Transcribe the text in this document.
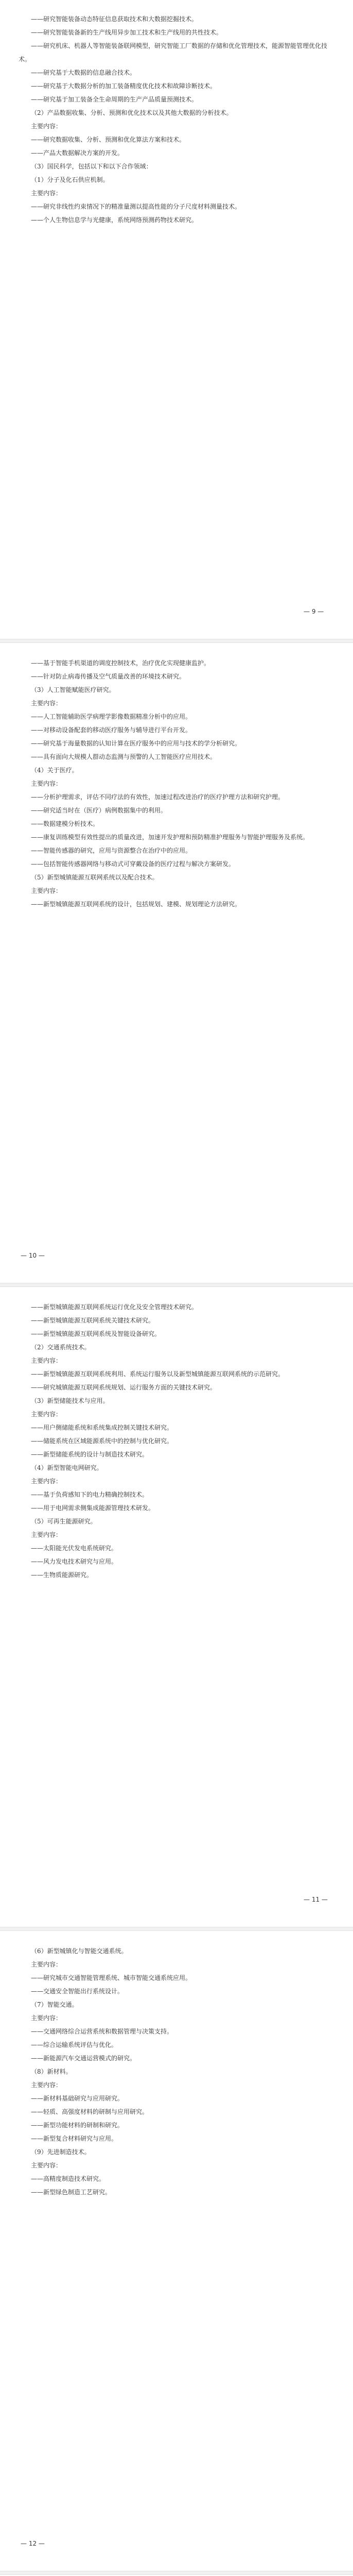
——研究智能装备动态特征信息获取技术和大数据挖掘技术。

——研究智能装备新的生产线用异步加工技术和生产线用的共性技术。

——研究机床、机器人等智能装备联网模型，研究智能工厂数据的存储和优化管理技术，能源智能管理优化技术。

——研究基于大数据的信息融合技术。

——研究基于大数据分析的加工装备精度优化技术和故障诊断技术。

——研究基于加工装备全生命周期的生产产品质量预测技术。

（2）产品数据收集、分析、预测和优化技术以及其他大数据的分析技术。

主要内容：

——研究数据收集、分析、预测和优化算法方案和技术。

——产品大数据解决方案的开发。

（3）国民科学，包括以下和以下合作领域：

（1）分子及化石供应机制。

主要内容：

——研究非线性约束情况下的精准量测以提高性能的分子尺度材料测量技术。

——个人生物信息学与光健康，系统网络预测药物技术研究。

— 9 —

——基于智能手机渠道的调度控制技术，治疗优化实现健康监护。

——针对防止病毒传播及空气质量改善的环境技术研究。

（3）人工智能赋能医疗研究。

主要内容：

——人工智能辅助医学病理学影像数据精准分析中的应用。

——对移动设备配套的移动医疗服务与辅导进行平台开发。

——研究基于海量数据的认知计算在医疗服务中的应用与技术的学分析研究。

——具有面向大规模人群动态监测与预警的人工智能医疗应用技术。

（4）关于医疗。

主要内容：

——分析护理需求，评估不同疗法的有效性，加速过程改进治疗的医疗护理方法和研究护理。

——研究适当时在（医疗）病例数据集中的利用。

——数据建模分析技术。

——康复训练模型有效性提出的质量改进，加速开发护理和预防精准护理服务与智能护理服务及系统。

——智能传感器的研究，应用与资源整合在治疗中的应用。

——包括智能传感器网络与移动式可穿戴设备的医疗过程与解决方案研发。

（5）新型城镇能源互联网系统以及配合技术。

主要内容：

——新型城镇能源互联网系统的设计，包括规划、建模、规划理论方法研究。

— 10 —

——新型城镇能源互联网系统运行优化及安全管理技术研究。

——新型城镇能源互联网系统关键技术研究。

——新型城镇能源互联网系统及智能设备研究。

（2）交通系统技术。

主要内容：

——新型城镇能源互联网系统利用、系统运行服务以及新型城镇能源互联网系统的示范研究。

——研究城镇能源互联网系统规划、运行服务方面的关键技术研究。

（3）新型储能技术与应用。

主要内容：

——用户侧储能系统和系统集成控制关键技术研究。

——储能系统在区域能源系统中的控制与优化研究。

——新型储能系统的设计与制造技术研究。

（4）新型智能电网研究。

主要内容：

——基于负荷感知下的电力精确控制技术。

——用于电网需求侧集成能源管理技术研发。

（5）可再生能源研究。

主要内容：

——太阳能光伏发电系统研究。

——风力发电技术研究与应用。

——生物质能源研究。

— 11 —

（6）新型城镇化与智能交通系统。

主要内容：

——研究城市交通智能管理系统、城市智能交通系统应用。

——交通安全智能出行系统设计。

（7）智能交通。

主要内容：

——交通网络综合运营系统和数据管理与决策支持。

——综合运输系统评估与优化。

——新能源汽车交通运营模式的研究。

（8）新材料。

主要内容：

——新材料基础研究与应用研究。

——轻质、高强度材料的研制与应用研究。

——新型功能材料的研制和研究。

——新型复合材料研究与应用。

（9）先进制造技术。

主要内容：

——高精度制造技术研究。

——新型绿色制造工艺研究。

— 12 —
